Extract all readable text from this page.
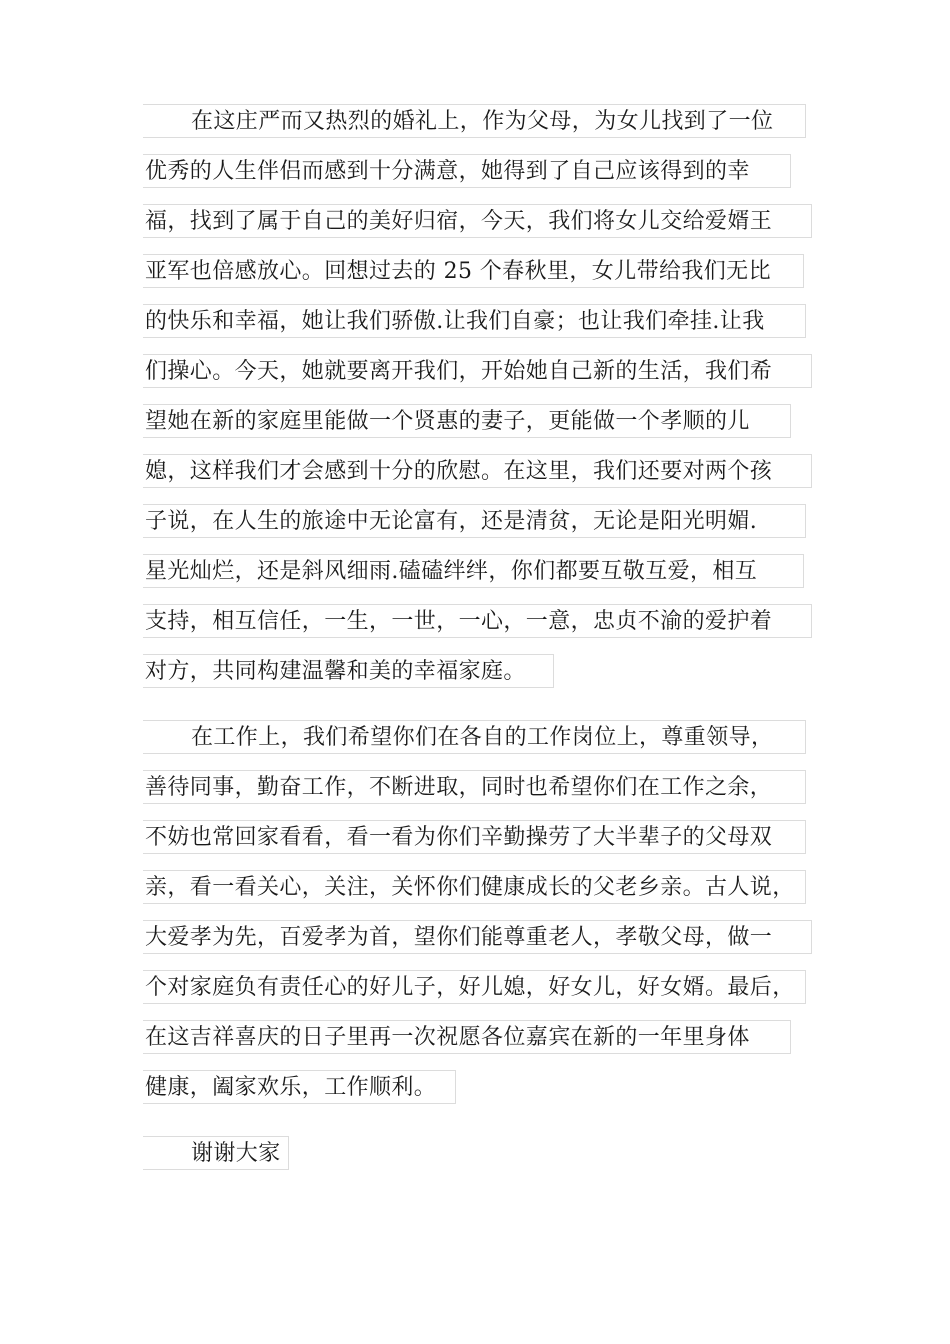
在这庄严而又热烈的婚礼上，作为父母，为女儿找到了一位
优秀的人生伴侣而感到十分满意，她得到了自己应该得到的幸
福，找到了属于自己的美好归宿，今天，我们将女儿交给爱婿王
亚军也倍感放心。回想过去的 25 个春秋里，女儿带给我们无比
的快乐和幸福，她让我们骄傲.让我们自豪；也让我们牵挂.让我
们操心。今天，她就要离开我们，开始她自己新的生活，我们希
望她在新的家庭里能做一个贤惠的妻子，更能做一个孝顺的儿
媳，这样我们才会感到十分的欣慰。在这里，我们还要对两个孩
子说，在人生的旅途中无论富有，还是清贫，无论是阳光明媚.
星光灿烂，还是斜风细雨.磕磕绊绊，你们都要互敬互爱，相互
支持，相互信任，一生，一世，一心，一意，忠贞不渝的爱护着
对方，共同构建温馨和美的幸福家庭。
在工作上，我们希望你们在各自的工作岗位上，尊重领导，
善待同事，勤奋工作，不断进取，同时也希望你们在工作之余，
不妨也常回家看看，看一看为你们辛勤操劳了大半辈子的父母双
亲，看一看关心，关注，关怀你们健康成长的父老乡亲。古人说，
大爱孝为先，百爱孝为首，望你们能尊重老人，孝敬父母，做一
个对家庭负有责任心的好儿子，好儿媳，好女儿，好女婿。最后，
在这吉祥喜庆的日子里再一次祝愿各位嘉宾在新的一年里身体
健康，阖家欢乐，工作顺利。
谢谢大家
